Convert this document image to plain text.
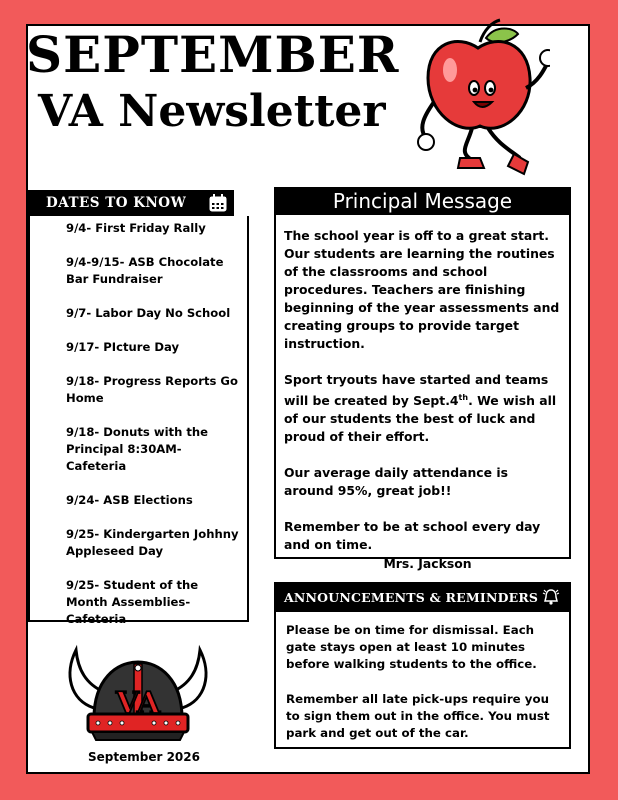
SEPTEMBER
VA Newsletter
DATES TO KNOW
9/4- First Friday Rally
9/4-9/15- ASB Chocolate Bar Fundraiser
9/7- Labor Day No School
9/17- PIcture Day
9/18- Progress Reports Go Home
9/18- Donuts with the Principal 8:30AM- Cafeteria
9/24- ASB Elections
9/25- Kindergarten Johhny Appleseed Day
9/25- Student of the Month Assemblies- Cafeteria
Principal Message

The school year is off to a great start. Our students are learning the routines of the classrooms and school procedures. Teachers are finishing beginning of the year assessments and creating groups to provide target instruction.

Sport tryouts have started and teams will be created by Sept.4th. We wish all of our students the best of luck and proud of their effort.

Our average daily attendance is around 95%, great job!!

Remember to be at school every day and on time.

Mrs. Jackson
ANNOUNCEMENTS & REMINDERS

Please be on time for dismissal. Each gate stays open at least 10 minutes before walking students to the office.

Remember all late pick-ups require you to sign them out in the office. You must park and get out of the car.

VA
September 2026
